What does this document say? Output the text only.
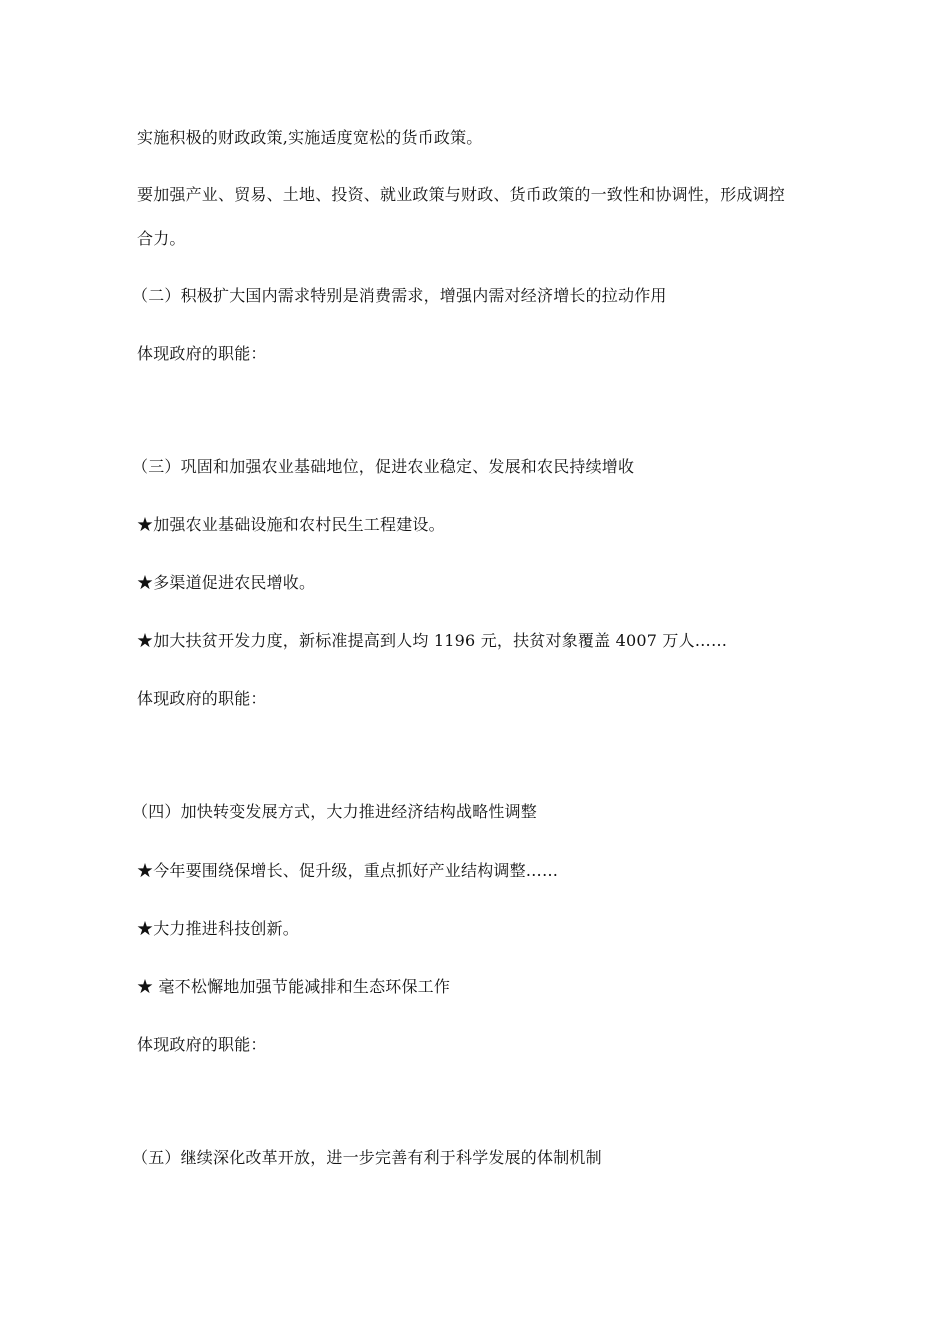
实施积极的财政政策,实施适度宽松的货币政策。

要加强产业、贸易、土地、投资、就业政策与财政、货币政策的一致性和协调性，形成调控

合力。

（二）积极扩大国内需求特别是消费需求，增强内需对经济增长的拉动作用

体现政府的职能：

（三）巩固和加强农业基础地位，促进农业稳定、发展和农民持续增收

★加强农业基础设施和农村民生工程建设。

★多渠道促进农民增收。

★加大扶贫开发力度，新标准提高到人均 1196 元，扶贫对象覆盖 4007 万人……

体现政府的职能：

（四）加快转变发展方式，大力推进经济结构战略性调整

★今年要围绕保增长、促升级，重点抓好产业结构调整……

★大力推进科技创新。

★ 毫不松懈地加强节能减排和生态环保工作

体现政府的职能：

（五）继续深化改革开放，进一步完善有利于科学发展的体制机制
